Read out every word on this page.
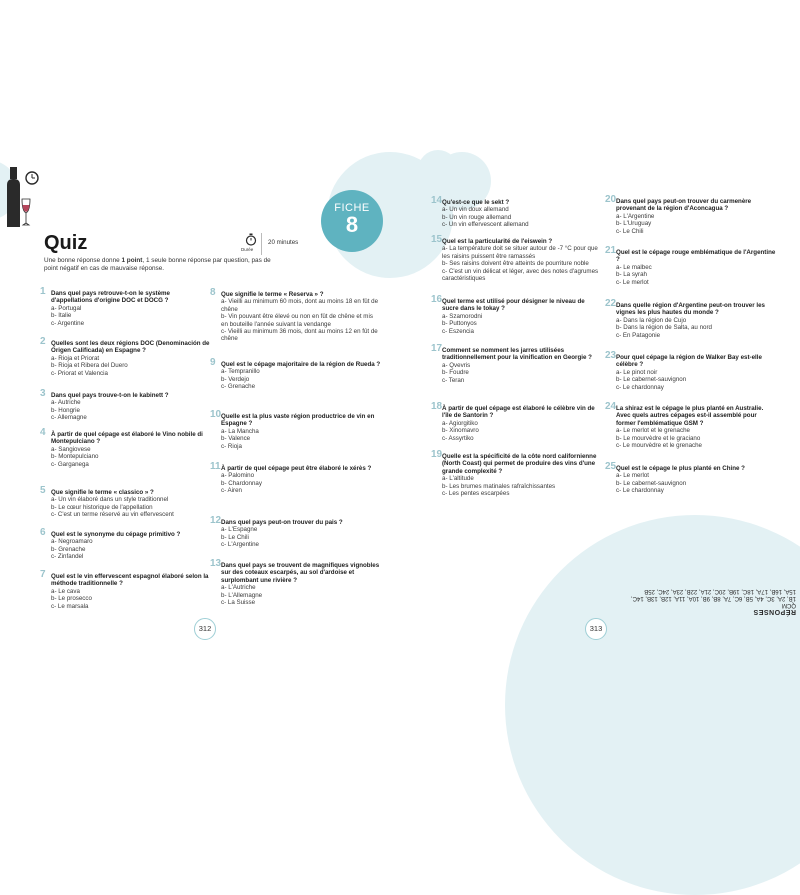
FICHE
8
Quiz	Durée
20 minutes
Une bonne réponse donne 1 point, 1 seule bonne réponse par question, pas de point négatif en cas de mauvaise réponse.
1 Dans quel pays retrouve-t-on le système d'appellations d'origine DOC et DOCG ?
a- Portugal
b- Italie
c- Argentine
2 Quelles sont les deux régions DOC (Denominación de Origen Calificada) en Espagne ?
a- Rioja et Priorat
b- Rioja et Ribera del Duero
c- Priorat et Valencia
3 Dans quel pays trouve-t-on le kabinett ?
a- Autriche
b- Hongrie
c- Allemagne
4 À partir de quel cépage est élaboré le Vino nobile di Montepulciano ?
a- Sangiovese
b- Montepulciano
c- Garganega
5 Que signifie le terme « classico » ?
a- Un vin élaboré dans un style traditionnel
b- Le cœur historique de l'appellation
c- C'est un terme réservé au vin effervescent
6 Quel est le synonyme du cépage primitivo ?
a- Negroamaro
b- Grenache
c- Zinfandel
7 Quel est le vin effervescent espagnol élaboré selon la méthode traditionnelle ?
a- Le cava
b- Le prosecco
c- Le marsala
8 Que signifie le terme « Reserva » ?
a- Vieilli au minimum 60 mois, dont au moins 18 en fût de chêne
b- Vin pouvant être élevé ou non en fût de chêne et mis en bouteille l'année suivant la vendange
c- Vieilli au minimum 36 mois, dont au moins 12 en fût de chêne
9 Quel est le cépage majoritaire de la région de Rueda ?
a- Tempranillo
b- Verdejo
c- Grenache
10 Quelle est la plus vaste région productrice de vin en Espagne ?
a- La Mancha
b- Valence
c- Rioja
11 À partir de quel cépage peut être élaboré le xérès ?
a- Palomino
b- Chardonnay
c- Airen
12 Dans quel pays peut-on trouver du pais ?
a- L'Espagne
b- Le Chili
c- L'Argentine
13 Dans quel pays se trouvent de magnifiques vignobles sur des coteaux escarpés, au sol d'ardoise et surplombant une rivière ?
a- L'Autriche
b- L'Allemagne
c- La Suisse
14 Qu'est-ce que le sekt ?
a- Un vin doux allemand
b- Un vin rouge allemand
c- Un vin effervescent allemand
15 Quel est la particularité de l'eiswein ?
a- La température doit se situer autour de -7 °C pour que les raisins puissent être ramassés
b- Ses raisins doivent être atteints de pourriture noble
c- C'est un vin délicat et léger, avec des notes d'agrumes caractéristiques
16 Quel terme est utilisé pour désigner le niveau de sucre dans le tokay ?
a- Szamorodni
b- Puttonyos
c- Eszencia
17 Comment se nomment les jarres utilisées traditionnellement pour la vinification en Georgie ?
a- Qvevris
b- Foudre
c- Teran
18 À partir de quel cépage est élaboré le célèbre vin de l'île de Santorin ?
a- Agiorgitiko
b- Xinomavro
c- Assyrtiko
19 Quelle est la spécificité de la côte nord californienne (North Coast) qui permet de produire des vins d'une grande complexité ?
a- L'altitude
b- Les brumes matinales rafraîchissantes
c- Les pentes escarpées
20 Dans quel pays peut-on trouver du carmenère provenant de la région d'Aconcagua ?
a- L'Argentine
b- L'Uruguay
c- Le Chili
21 Quel est le cépage rouge emblématique de l'Argentine ?
a- Le malbec
b- La syrah
c- Le merlot
22 Dans quelle région d'Argentine peut-on trouver les vignes les plus hautes du monde ?
a- Dans la région de Cujo
b- Dans la région de Salta, au nord
c- En Patagonie
23 Pour quel cépage la région de Walker Bay est-elle célèbre ?
a- Le pinot noir
b- Le cabernet-sauvignon
c- Le chardonnay
24 La shiraz est le cépage le plus planté en Australie. Avec quels autres cépages est-il assemblé pour former l'emblématique GSM ?
a- Le merlot et le grenache
b- Le mourvèdre et le graciano
c- Le mourvèdre et le grenache
25 Quel est le cépage le plus planté en Chine ?
a- Le merlot
b- Le cabernet-sauvignon
c- Le chardonnay
312	313
RÉPONSES
QCM
1B, 2A, 3C, 4A, 5B, 6C, 7A, 8B, 9B, 10A, 11A, 12B, 13B, 14C,
15A, 16B, 17A, 18C, 19B, 20C, 21A, 22B, 23A, 24C, 25B
